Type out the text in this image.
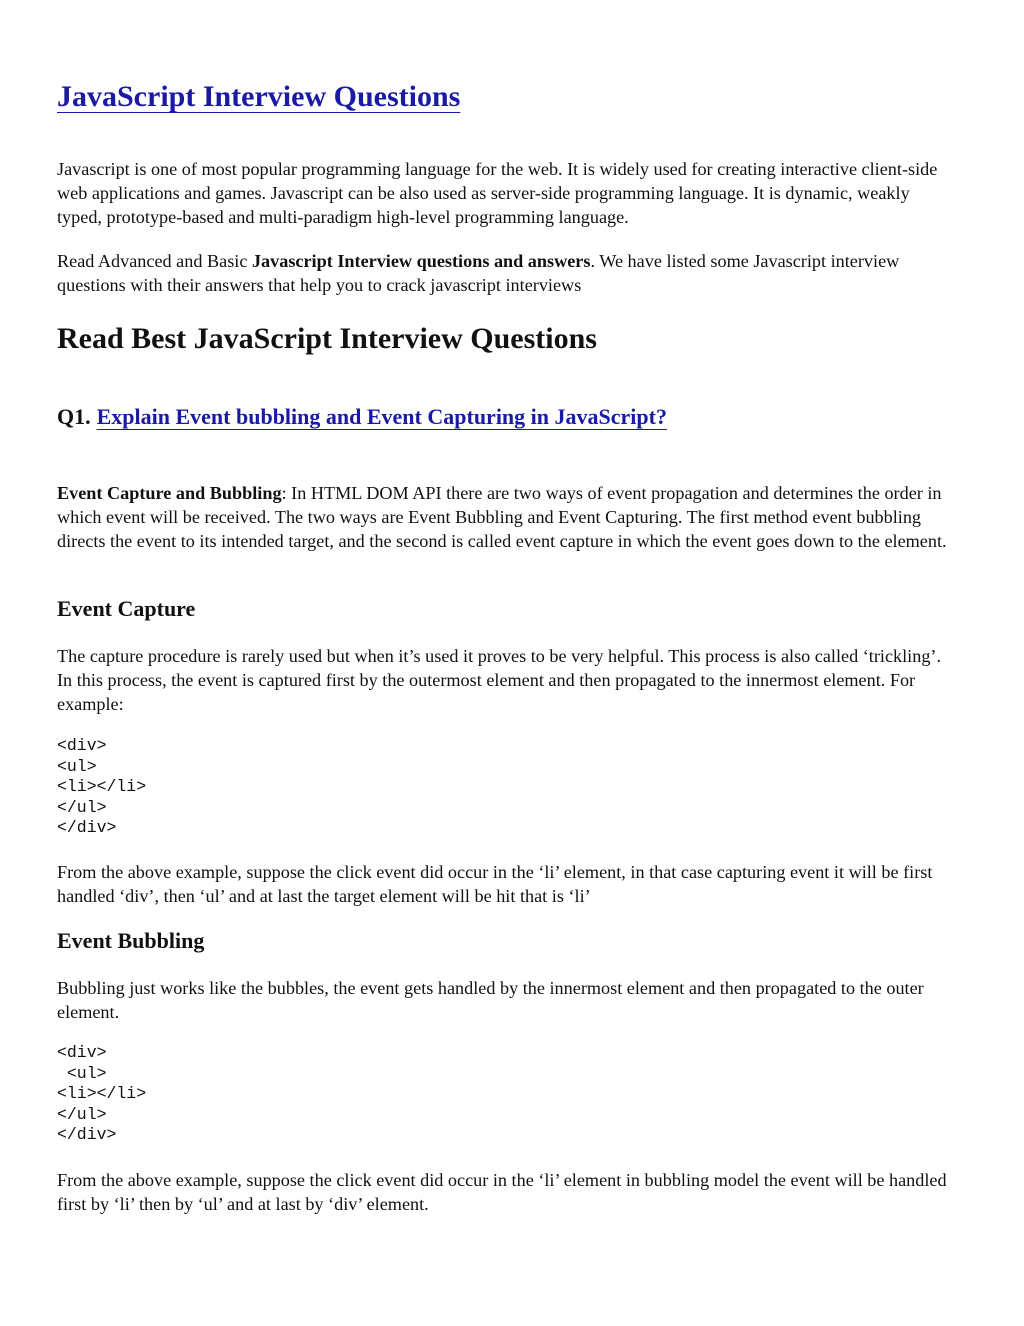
JavaScript Interview Questions

Javascript is one of most popular programming language for the web. It is widely used for creating interactive client-side web applications and games. Javascript can be also used as server-side programming language. It is dynamic, weakly typed, prototype-based and multi-paradigm high-level programming language.

Read Advanced and Basic Javascript Interview questions and answers. We have listed some Javascript interview questions with their answers that help you to crack javascript interviews

Read Best JavaScript Interview Questions
Q1. Explain Event bubbling and Event Capturing in JavaScript?

Event Capture and Bubbling: In HTML DOM API there are two ways of event propagation and determines the order in which event will be received. The two ways are Event Bubbling and Event Capturing. The first method event bubbling directs the event to its intended target, and the second is called event capture in which the event goes down to the element.

Event Capture

The capture procedure is rarely used but when it’s used it proves to be very helpful. This process is also called ‘trickling’. In this process, the event is captured first by the outermost element and then propagated to the innermost element. For example:

<div>
<ul>
<li></li>
</ul>
</div>

From the above example, suppose the click event did occur in the ‘li’ element, in that case capturing event it will be first handled ‘div’, then ‘ul’ and at last the target element will be hit that is ‘li’

Event Bubbling

Bubbling just works like the bubbles, the event gets handled by the innermost element and then propagated to the outer element.

<div>
<ul>
<li></li>
</ul>
</div>

From the above example, suppose the click event did occur in the ‘li’ element in bubbling model the event will be handled first by ‘li’ then by ‘ul’ and at last by ‘div’ element.
